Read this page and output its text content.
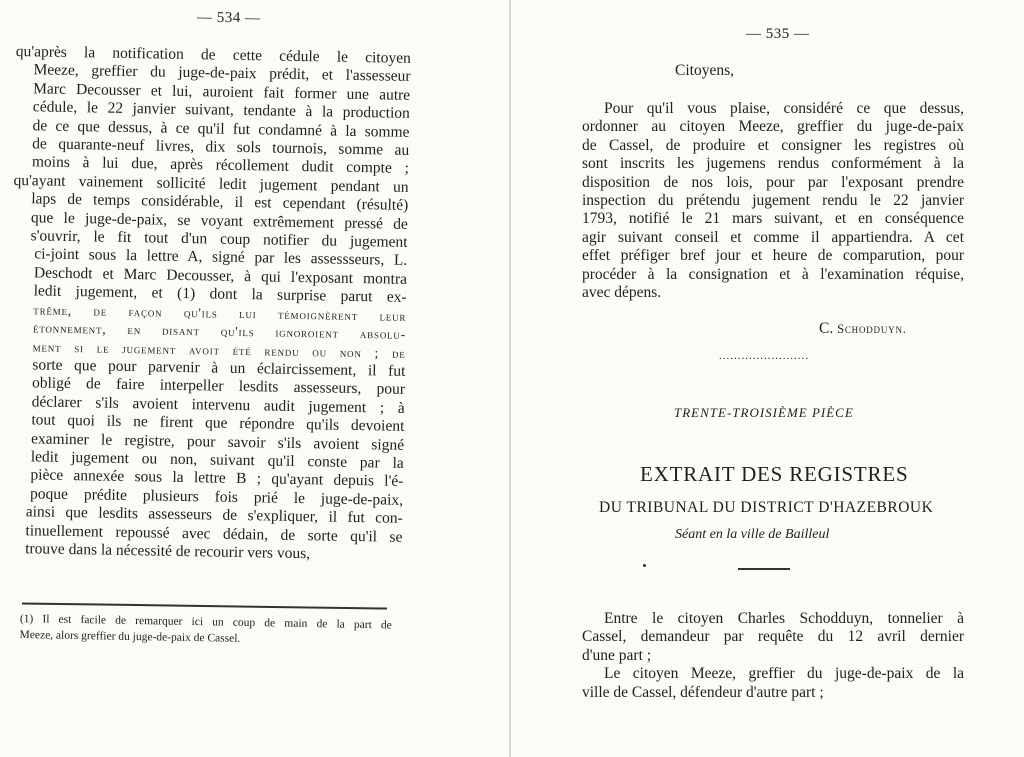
— 534 —
qu'après la notification de cette cédule le citoyen
Meeze, greffier du juge-de-paix prédit, et l'assesseur
Marc Decousser et lui, auroient fait former une autre
cédule, le 22 janvier suivant, tendante à la production
de ce que dessus, à ce qu'il fut condamné à la somme
de quarante-neuf livres, dix sols tournois, somme au
moins à lui due, après récollement dudit compte ;
qu'ayant vainement sollicité ledit jugement pendant un
laps de temps considérable, il est cependant (résulté)
que le juge-de-paix, se voyant extrêmement pressé de
s'ouvrir, le fit tout d'un coup notifier du jugement
ci-joint sous la lettre A, signé par les assessseurs, L.
Deschodt et Marc Decousser, à qui l'exposant montra
ledit jugement, et (1) dont la surprise parut ex-
trême, de façon qu'ils lui témoignèrent leur
étonnement, en disant qu'ils ignoroient absolu-
ment si le jugement avoit été rendu ou non ; de
sorte que pour parvenir à un éclaircissement, il fut
obligé de faire interpeller lesdits assesseurs, pour
déclarer s'ils avoient intervenu audit jugement ; à
tout quoi ils ne firent que répondre qu'ils devoient
examiner le registre, pour savoir s'ils avoient signé
ledit jugement ou non, suivant qu'il conste par la
pièce annexée sous la lettre B ; qu'ayant depuis l'é-
poque prédite plusieurs fois prié le juge-de-paix,
ainsi que lesdits assesseurs de s'expliquer, il fut con-
tinuellement repoussé avec dédain, de sorte qu'il se
trouve dans la nécessité de recourir vers vous,
(1) Il est facile de remarquer ici un coup de main de la part de
Meeze, alors greffier du juge-de-paix de Cassel.
— 535 —
Citoyens,
Pour qu'il vous plaise, considéré ce que dessus,
ordonner au citoyen Meeze, greffier du juge-de-paix
de Cassel, de produire et consigner les registres où
sont inscrits les jugemens rendus conformément à la
disposition de nos lois, pour par l'exposant prendre
inspection du prétendu jugement rendu le 22 janvier
1793, notifié le 21 mars suivant, et en conséquence
agir suivant conseil et comme il appartiendra. A cet
effet préfiger bref jour et heure de comparution, pour
procéder à la consignation et à l'examination réquise,
avec dépens.
C. Schodduyn.
........................
TRENTE-TROISIÈME PIÈCE
EXTRAIT DES REGISTRES
DU TRIBUNAL DU DISTRICT D'HAZEBROUK
Séant en la ville de Bailleul
Entre le citoyen Charles Schodduyn, tonnelier à
Cassel, demandeur par requête du 12 avril dernier
d'une part ;
Le citoyen Meeze, greffier du juge-de-paix de la
ville de Cassel, défendeur d'autre part ;
